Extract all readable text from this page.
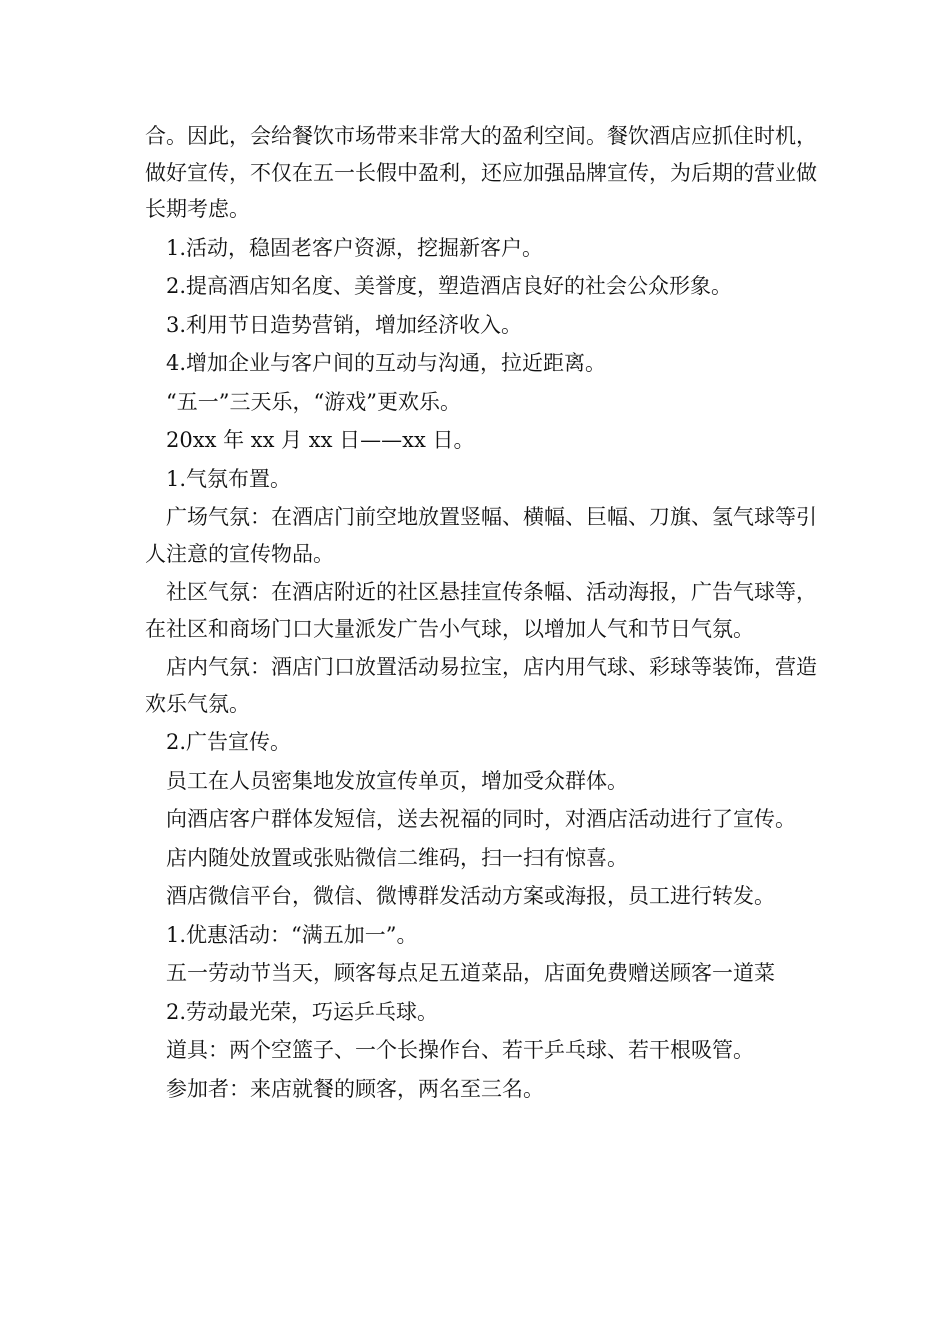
合。因此，会给餐饮市场带来非常大的盈利空间。餐饮酒店应抓住时机，做好宣传，不仅在五一长假中盈利，还应加强品牌宣传，为后期的营业做长期考虑。

1.活动，稳固老客户资源，挖掘新客户。

2.提高酒店知名度、美誉度，塑造酒店良好的社会公众形象。

3.利用节日造势营销，增加经济收入。

4.增加企业与客户间的互动与沟通，拉近距离。

“五一”三天乐，“游戏”更欢乐。

20xx 年 xx 月 xx 日——xx 日。

1.气氛布置。

广场气氛：在酒店门前空地放置竖幅、横幅、巨幅、刀旗、氢气球等引人注意的宣传物品。

社区气氛：在酒店附近的社区悬挂宣传条幅、活动海报，广告气球等，在社区和商场门口大量派发广告小气球，以增加人气和节日气氛。

店内气氛：酒店门口放置活动易拉宝，店内用气球、彩球等装饰，营造欢乐气氛。

2.广告宣传。

员工在人员密集地发放宣传单页，增加受众群体。

向酒店客户群体发短信，送去祝福的同时，对酒店活动进行了宣传。

店内随处放置或张贴微信二维码，扫一扫有惊喜。

酒店微信平台，微信、微博群发活动方案或海报，员工进行转发。

1.优惠活动：“满五加一”。

五一劳动节当天，顾客每点足五道菜品，店面免费赠送顾客一道菜

2.劳动最光荣，巧运乒乓球。

道具：两个空篮子、一个长操作台、若干乒乓球、若干根吸管。

参加者：来店就餐的顾客，两名至三名。
